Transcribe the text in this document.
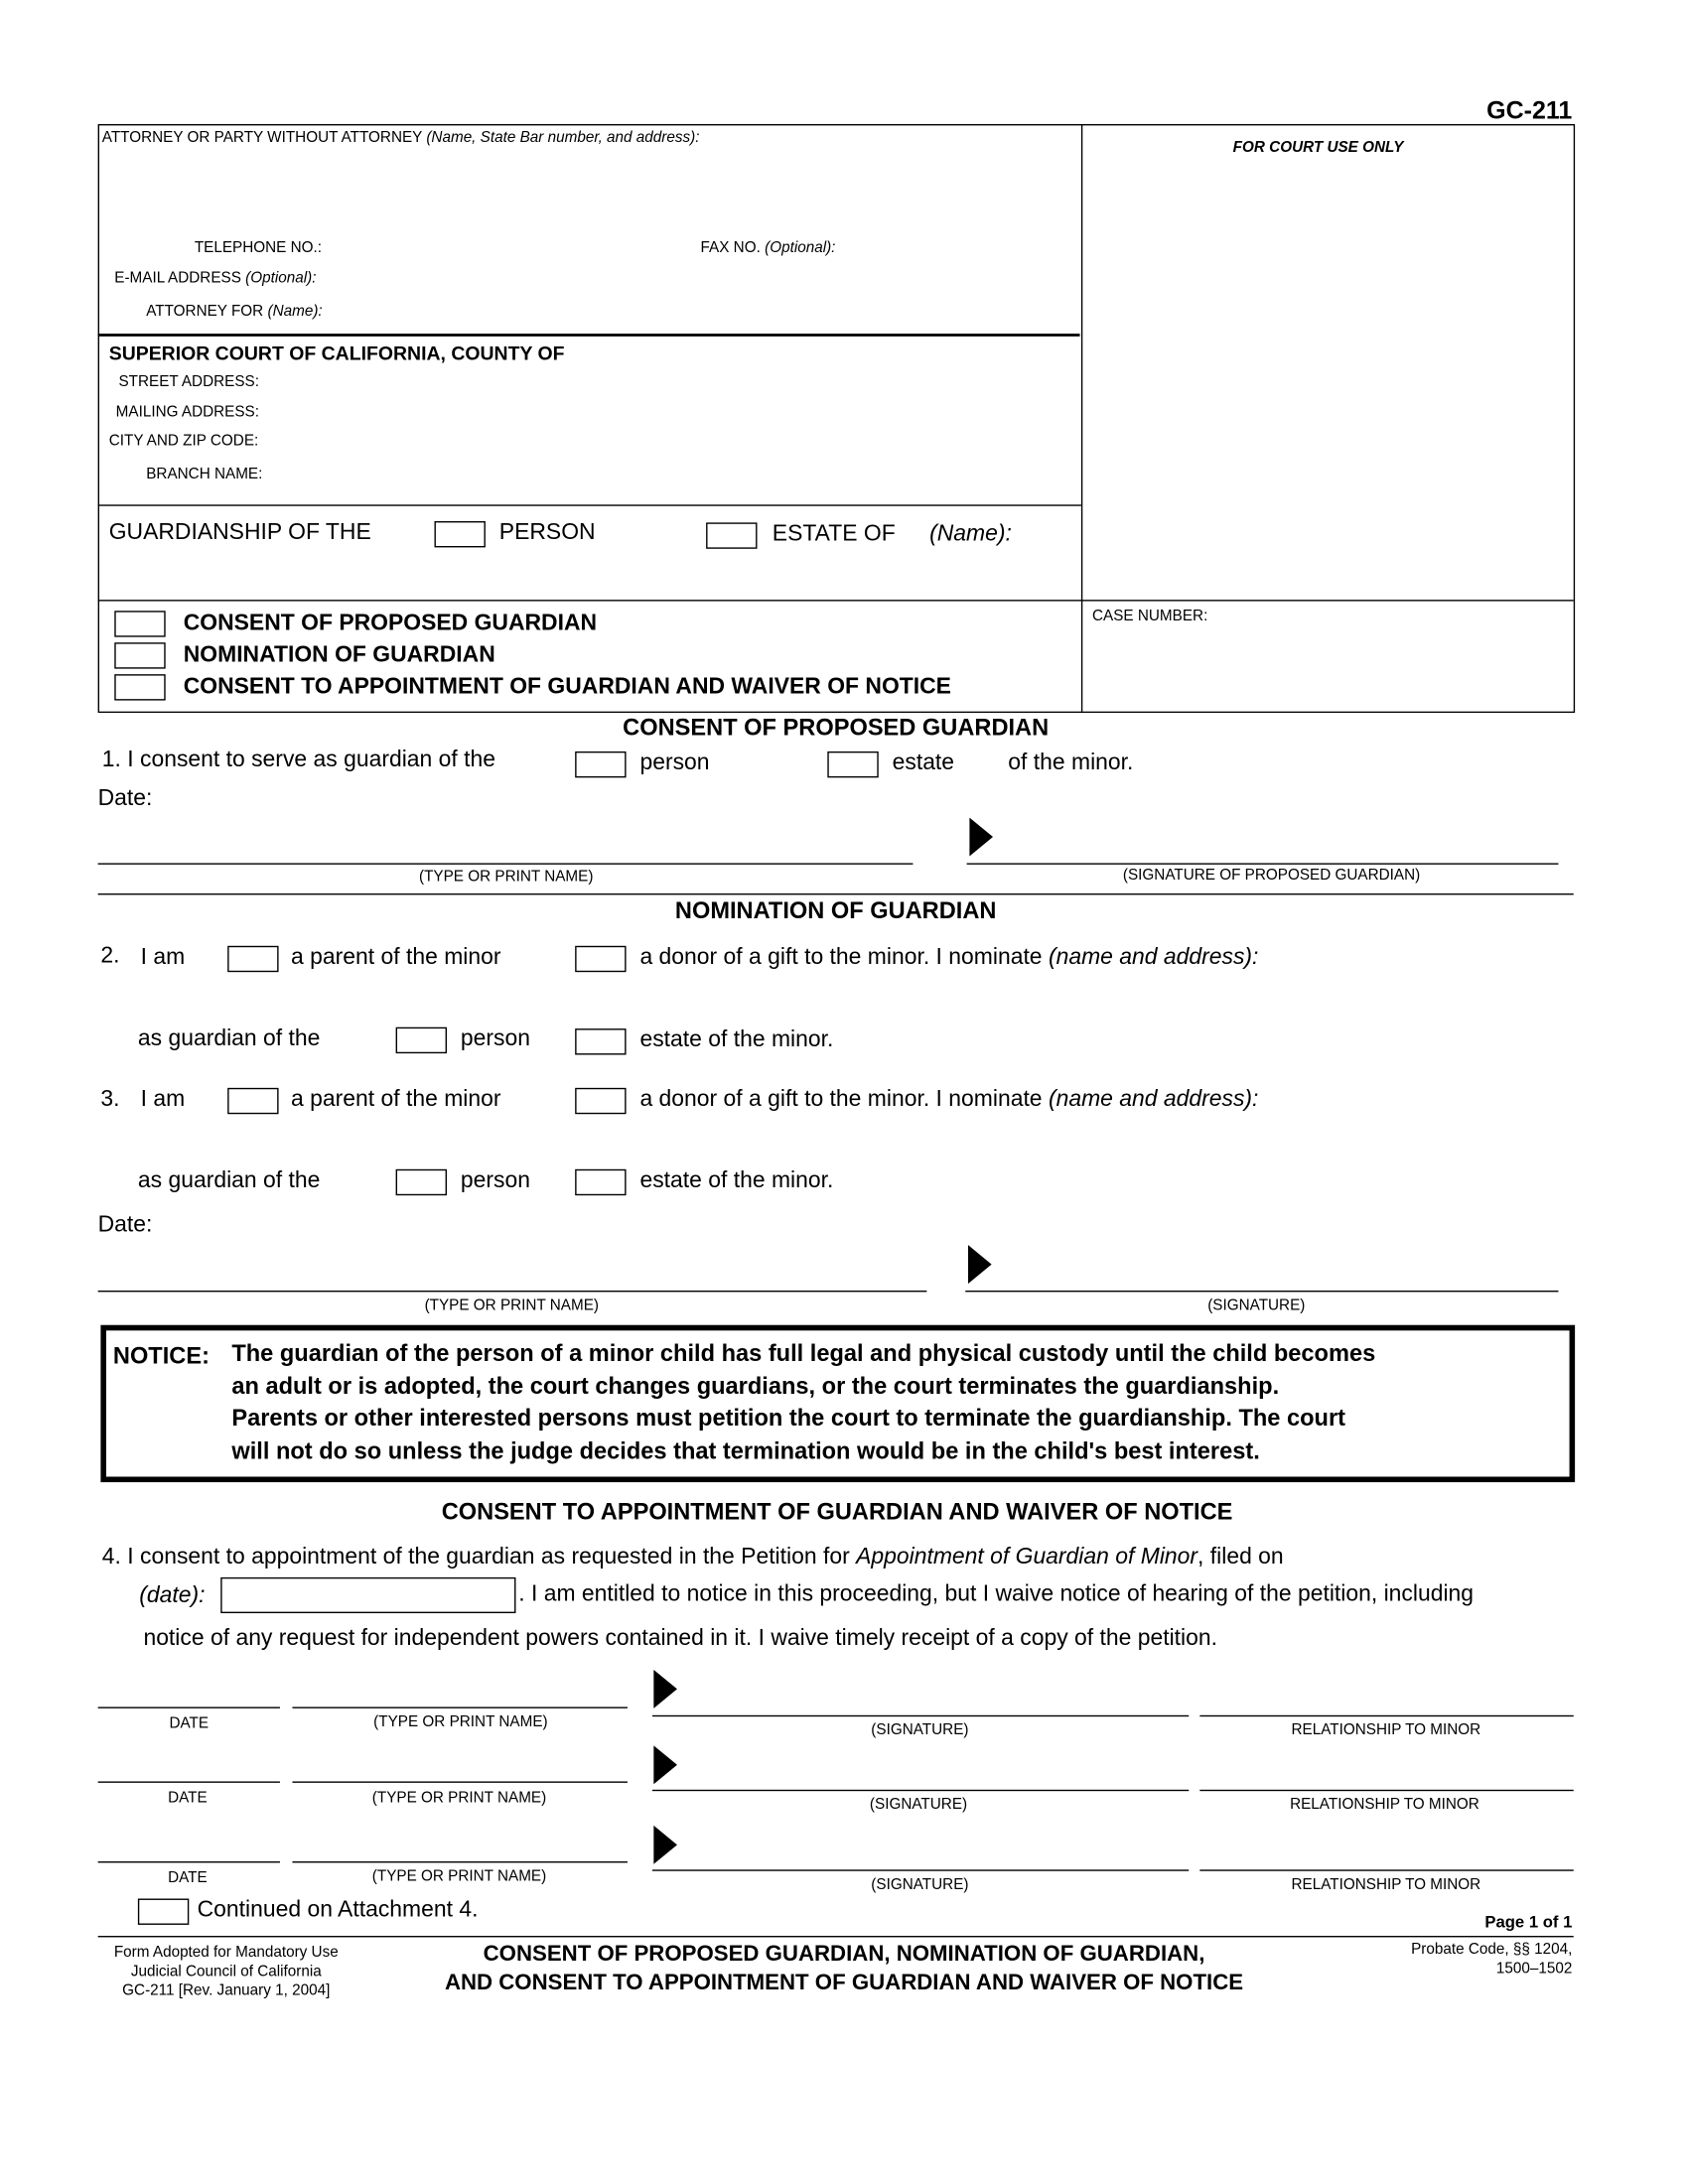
GC-211
ATTORNEY OR PARTY WITHOUT ATTORNEY (Name, State Bar number, and address):
FOR COURT USE ONLY
TELEPHONE NO.:	FAX NO. (Optional):
E-MAIL ADDRESS (Optional):
ATTORNEY FOR (Name):
SUPERIOR COURT OF CALIFORNIA, COUNTY OF
STREET ADDRESS:
MAILING ADDRESS:
CITY AND ZIP CODE:
BRANCH NAME:
GUARDIANSHIP OF THE	PERSON	ESTATE OF (Name):
CASE NUMBER:
CONSENT OF PROPOSED GUARDIAN
NOMINATION OF GUARDIAN
CONSENT TO APPOINTMENT OF GUARDIAN AND WAIVER OF NOTICE
CONSENT OF PROPOSED GUARDIAN
1. I consent to serve as guardian of the	person	estate	of the minor.
Date:
(TYPE OR PRINT NAME)	(SIGNATURE OF PROPOSED GUARDIAN)
NOMINATION OF GUARDIAN
2. I am	a parent of the minor	a donor of a gift to the minor. I nominate (name and address):
as guardian of the	person	estate of the minor.
3. I am	a parent of the minor	a donor of a gift to the minor. I nominate (name and address):
as guardian of the	person	estate of the minor.
Date:
(TYPE OR PRINT NAME)	(SIGNATURE)
NOTICE: The guardian of the person of a minor child has full legal and physical custody until the child becomes
an adult or is adopted, the court changes guardians, or the court terminates the guardianship.
Parents or other interested persons must petition the court to terminate the guardianship. The court
will not do so unless the judge decides that termination would be in the child's best interest.
CONSENT TO APPOINTMENT OF GUARDIAN AND WAIVER OF NOTICE
4. I consent to appointment of the guardian as requested in the Petition for Appointment of Guardian of Minor, filed on
(date):	. I am entitled to notice in this proceeding, but I waive notice of hearing of the petition, including
notice of any request for independent powers contained in it. I waive timely receipt of a copy of the petition.
DATE	(TYPE OR PRINT NAME)	(SIGNATURE)	RELATIONSHIP TO MINOR
DATE	(TYPE OR PRINT NAME)	(SIGNATURE)	RELATIONSHIP TO MINOR
DATE	(TYPE OR PRINT NAME)	(SIGNATURE)	RELATIONSHIP TO MINOR
Continued on Attachment 4.	Page 1 of 1
Form Adopted for Mandatory Use
Judicial Council of California
GC-211 [Rev. January 1, 2004]
CONSENT OF PROPOSED GUARDIAN, NOMINATION OF GUARDIAN,
AND CONSENT TO APPOINTMENT OF GUARDIAN AND WAIVER OF NOTICE
Probate Code, §§ 1204,
1500–1502
